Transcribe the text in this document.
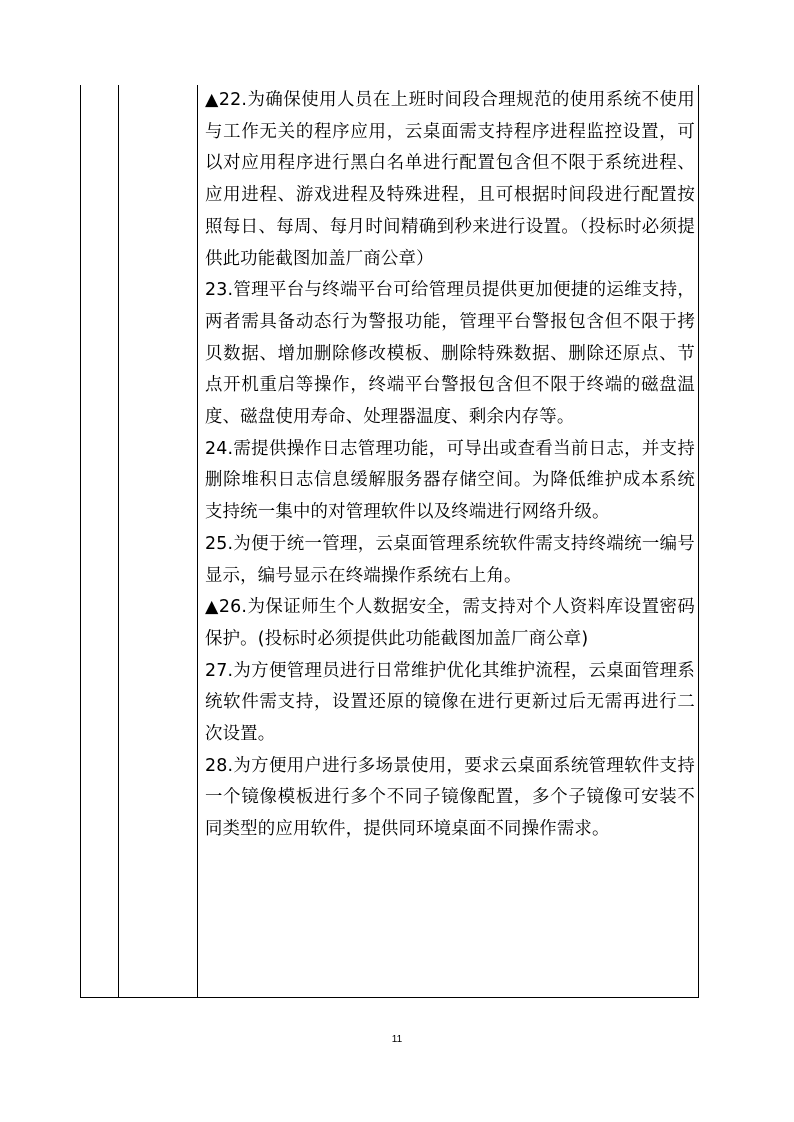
▲22.为确保使用人员在上班时间段合理规范的使用系统不使用与工作无关的程序应用，云桌面需支持程序进程监控设置，可以对应用程序进行黑白名单进行配置包含但不限于系统进程、应用进程、游戏进程及特殊进程，且可根据时间段进行配置按照每日、每周、每月时间精确到秒来进行设置。（投标时必须提供此功能截图加盖厂商公章）

23.管理平台与终端平台可给管理员提供更加便捷的运维支持，两者需具备动态行为警报功能，管理平台警报包含但不限于拷贝数据、增加删除修改模板、删除特殊数据、删除还原点、节点开机重启等操作，终端平台警报包含但不限于终端的磁盘温度、磁盘使用寿命、处理器温度、剩余内存等。

24.需提供操作日志管理功能，可导出或查看当前日志，并支持删除堆积日志信息缓解服务器存储空间。为降低维护成本系统支持统一集中的对管理软件以及终端进行网络升级。

25.为便于统一管理，云桌面管理系统软件需支持终端统一编号显示，编号显示在终端操作系统右上角。

▲26.为保证师生个人数据安全，需支持对个人资料库设置密码保护。(投标时必须提供此功能截图加盖厂商公章)

27.为方便管理员进行日常维护优化其维护流程，云桌面管理系统软件需支持，设置还原的镜像在进行更新过后无需再进行二次设置。

28.为方便用户进行多场景使用，要求云桌面系统管理软件支持一个镜像模板进行多个不同子镜像配置，多个子镜像可安装不同类型的应用软件，提供同环境桌面不同操作需求。

11
